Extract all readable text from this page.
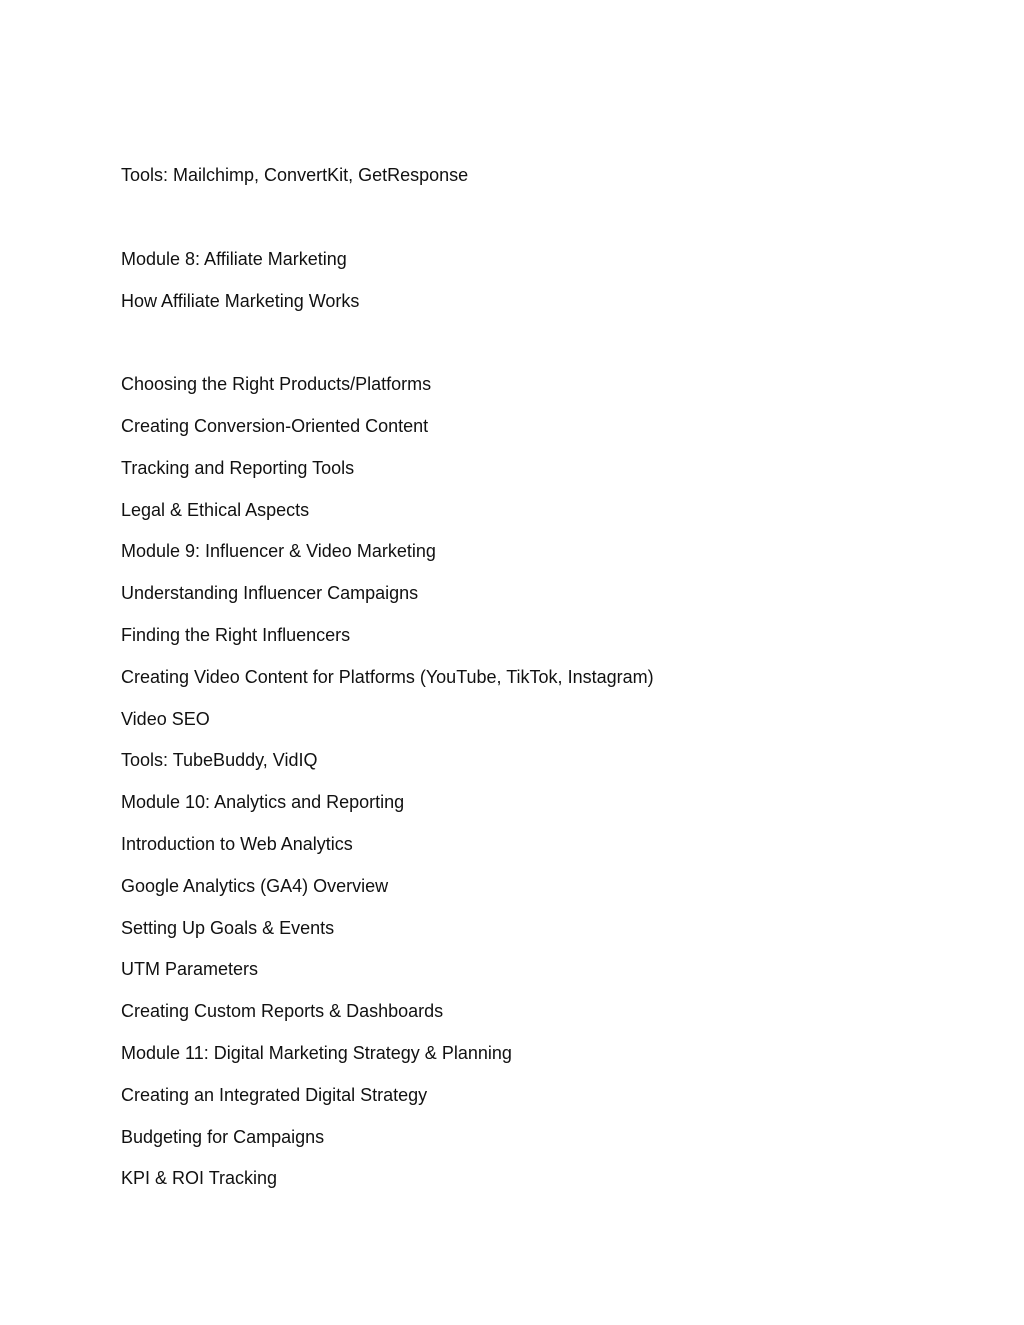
Tools: Mailchimp, ConvertKit, GetResponse

Module 8: Affiliate Marketing

How Affiliate Marketing Works

Choosing the Right Products/Platforms

Creating Conversion-Oriented Content

Tracking and Reporting Tools

Legal & Ethical Aspects

Module 9: Influencer & Video Marketing

Understanding Influencer Campaigns

Finding the Right Influencers

Creating Video Content for Platforms (YouTube, TikTok, Instagram)

Video SEO

Tools: TubeBuddy, VidIQ

Module 10: Analytics and Reporting

Introduction to Web Analytics

Google Analytics (GA4) Overview

Setting Up Goals & Events

UTM Parameters

Creating Custom Reports & Dashboards

Module 11: Digital Marketing Strategy & Planning

Creating an Integrated Digital Strategy

Budgeting for Campaigns

KPI & ROI Tracking
